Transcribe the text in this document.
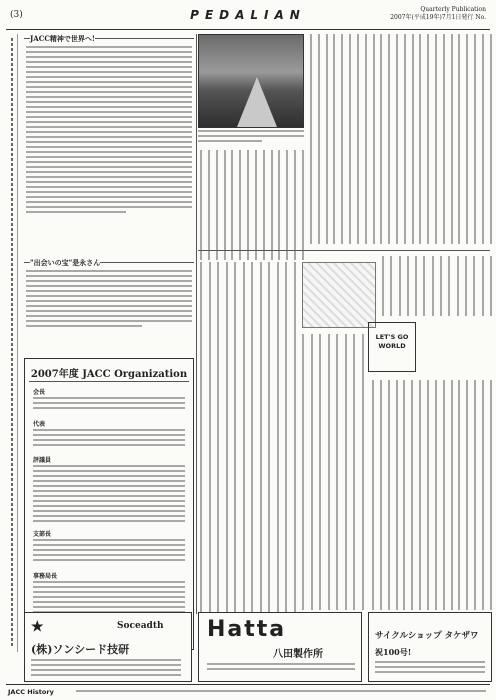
(3)	PEDALIAN	Quarterly Publication
2007年(平成19年)7月1日発行 No.
JACC精神で世界へ!
"出会いの宝"是永さん
2007年度 JACC Organization
会長
代表
評議員
支部長
事務局長
LET'S GO WORLD
★	Soceadth
(株)ソンシード技研
Hatta
八田製作所
サイクルショップ タケザワ
祝100号!
JACC History
